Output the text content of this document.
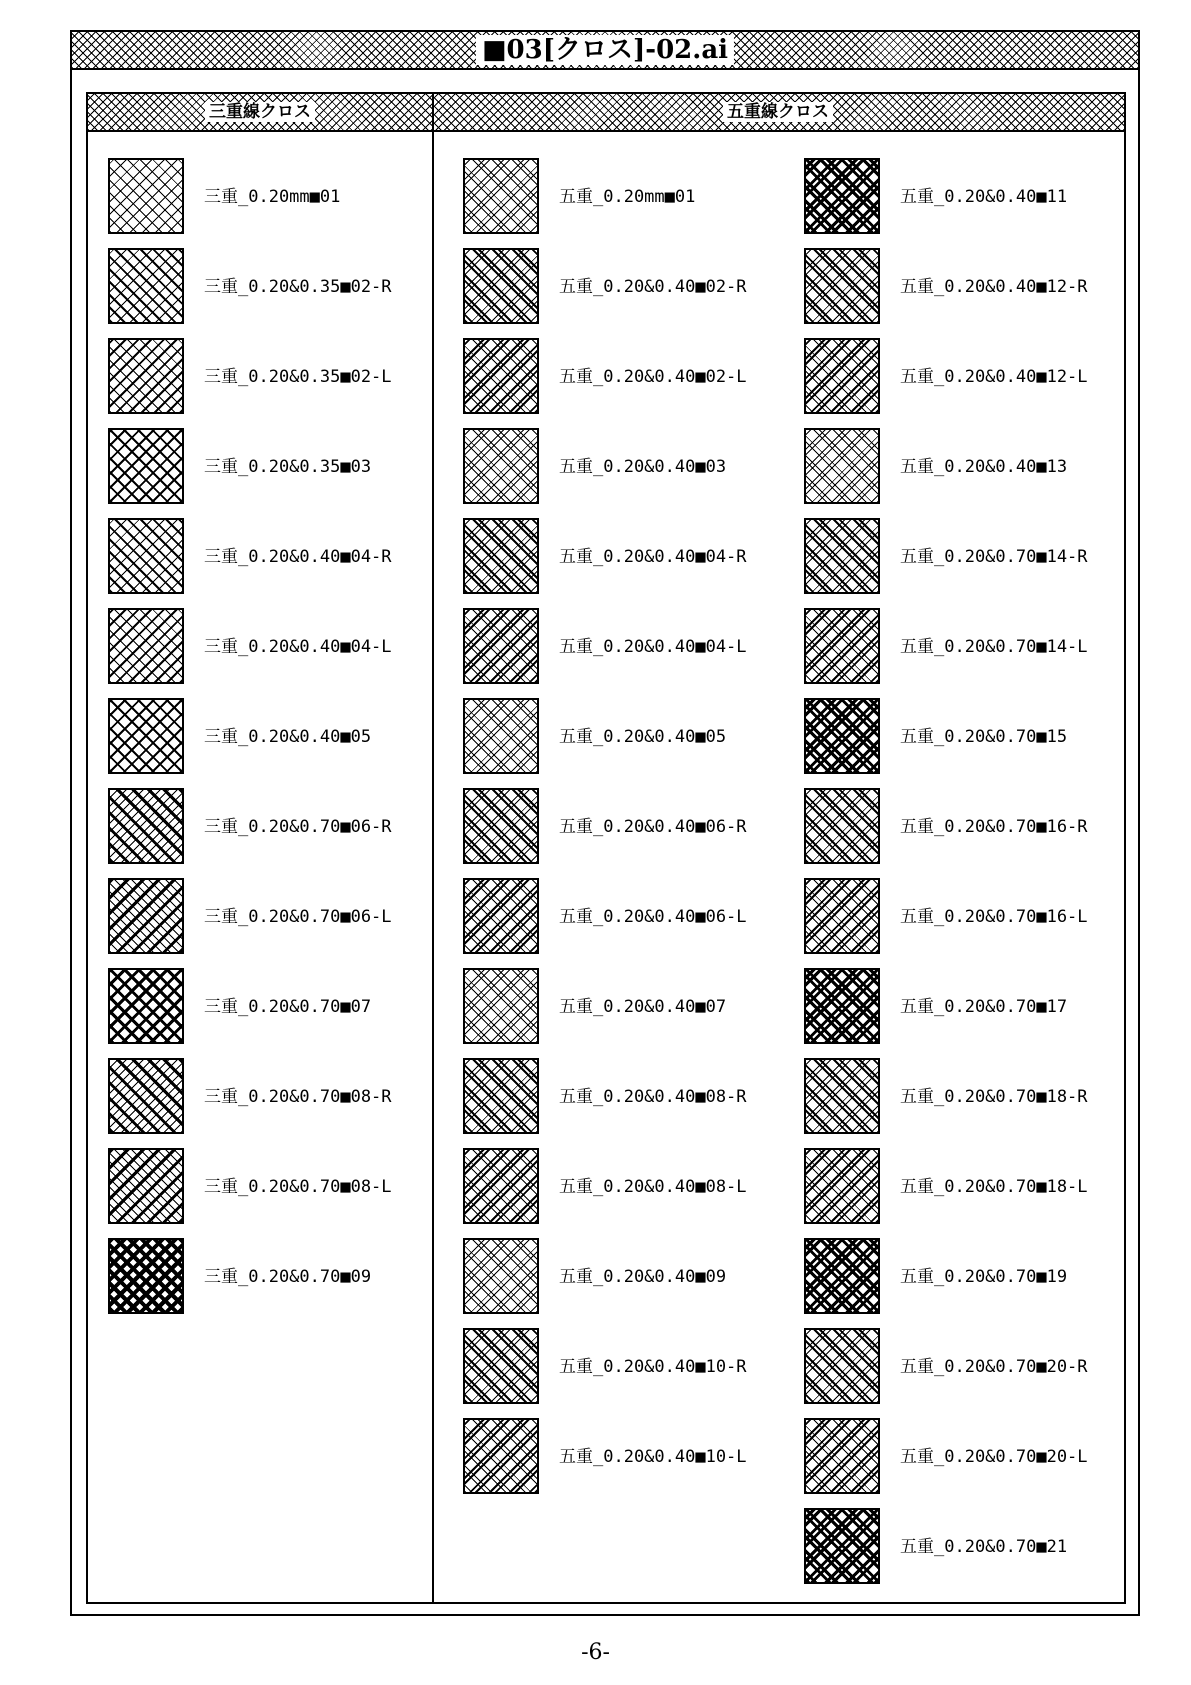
■03[クロス]-02.ai
三重線クロス	五重線クロス
三重_0.20mm■01
三重_0.20&0.35■02-R
三重_0.20&0.35■02-L
三重_0.20&0.35■03
三重_0.20&0.40■04-R
三重_0.20&0.40■04-L
三重_0.20&0.40■05
三重_0.20&0.70■06-R
三重_0.20&0.70■06-L
三重_0.20&0.70■07
三重_0.20&0.70■08-R
三重_0.20&0.70■08-L
三重_0.20&0.70■09
五重_0.20mm■01
五重_0.20&0.40■02-R
五重_0.20&0.40■02-L
五重_0.20&0.40■03
五重_0.20&0.40■04-R
五重_0.20&0.40■04-L
五重_0.20&0.40■05
五重_0.20&0.40■06-R
五重_0.20&0.40■06-L
五重_0.20&0.40■07
五重_0.20&0.40■08-R
五重_0.20&0.40■08-L
五重_0.20&0.40■09
五重_0.20&0.40■10-R
五重_0.20&0.40■10-L
五重_0.20&0.40■11
五重_0.20&0.40■12-R
五重_0.20&0.40■12-L
五重_0.20&0.40■13
五重_0.20&0.70■14-R
五重_0.20&0.70■14-L
五重_0.20&0.70■15
五重_0.20&0.70■16-R
五重_0.20&0.70■16-L
五重_0.20&0.70■17
五重_0.20&0.70■18-R
五重_0.20&0.70■18-L
五重_0.20&0.70■19
五重_0.20&0.70■20-R
五重_0.20&0.70■20-L
五重_0.20&0.70■21
-6-
